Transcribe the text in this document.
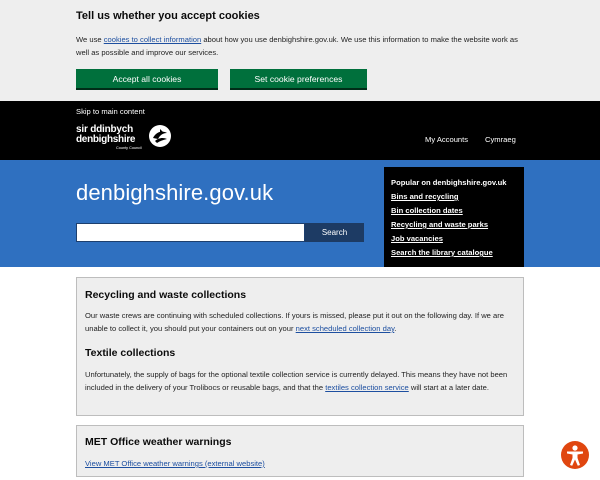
Tell us whether you accept cookies

We use cookies to collect information about how you use denbighshire.gov.uk. We use this information to make the website work as well as possible and improve our services.

Accept all cookies	Set cookie preferences
Skip to main content
sir ddinbych
denbighshire
County Council
My Accounts Cymraeg
denbighshire.gov.uk
Search
Popular on denbighshire.gov.uk
Bins and recycling
Bin collection dates
Recycling and waste parks
Job vacancies
Search the library catalogue
Recycling and waste collections

Our waste crews are continuing with scheduled collections. If yours is missed, please put it out on the following day. If we are unable to collect it, you should put your containers out on your next scheduled collection day.

Textile collections

Unfortunately, the supply of bags for the optional textile collection service is currently delayed. This means they have not been included in the delivery of your Trolibocs or reusable bags, and that the textiles collection service will start at a later date.

MET Office weather warnings

View MET Office weather warnings (external website)
